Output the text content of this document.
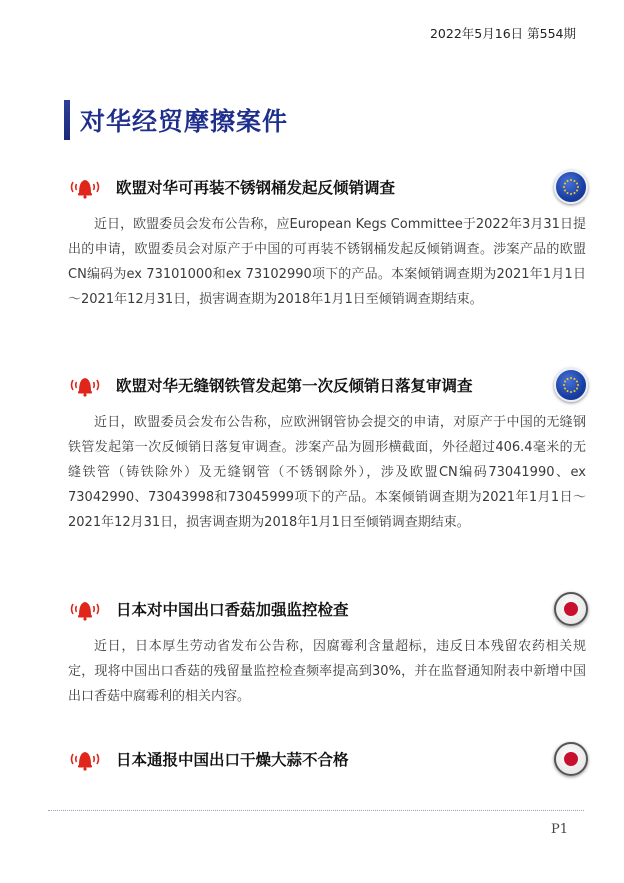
2022年5月16日 第554期
对华经贸摩擦案件
欧盟对华可再装不锈钢桶发起反倾销调查
近日，欧盟委员会发布公告称，应European Kegs Committee于2022年3月31日提出的申请，欧盟委员会对原产于中国的可再装不锈钢桶发起反倾销调查。涉案产品的欧盟CN编码为ex 73101000和ex 73102990项下的产品。本案倾销调查期为2021年1月1日～2021年12月31日，损害调查期为2018年1月1日至倾销调查期结束。
欧盟对华无缝钢铁管发起第一次反倾销日落复审调查
近日，欧盟委员会发布公告称，应欧洲钢管协会提交的申请，对原产于中国的无缝钢铁管发起第一次反倾销日落复审调查。涉案产品为圆形横截面，外径超过406.4毫米的无缝铁管（铸铁除外）及无缝钢管（不锈钢除外），涉及欧盟CN编码73041990、ex 73042990、73043998和73045999项下的产品。本案倾销调查期为2021年1月1日～2021年12月31日，损害调查期为2018年1月1日至倾销调查期结束。
日本对中国出口香菇加强监控检查
近日，日本厚生劳动省发布公告称，因腐霉利含量超标，违反日本残留农药相关规定，现将中国出口香菇的残留量监控检查频率提高到30%，并在监督通知附表中新增中国出口香菇中腐霉利的相关内容。
日本通报中国出口干燥大蒜不合格
P1
